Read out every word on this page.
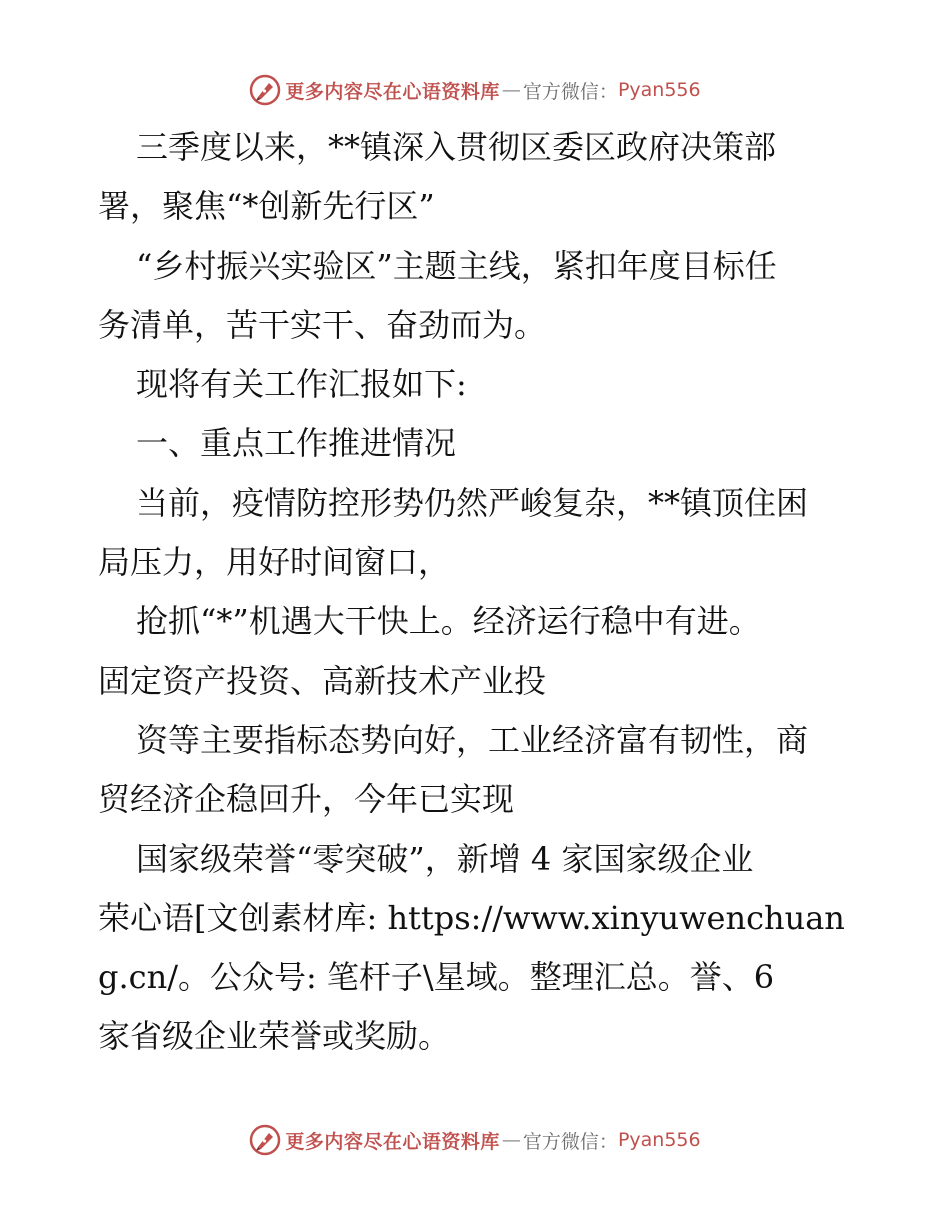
更多内容尽在心语资料库 — 官方微信： Pyan556
三季度以来，**镇深入贯彻区委区政府决策部
署，聚焦“*创新先行区”
“乡村振兴实验区”主题主线，紧扣年度目标任
务清单，苦干实干、奋劲而为。
现将有关工作汇报如下:
一、重点工作推进情况
当前，疫情防控形势仍然严峻复杂，**镇顶住困
局压力，用好时间窗口，
抢抓“*”机遇大干快上。经济运行稳中有进。
固定资产投资、高新技术产业投
资等主要指标态势向好，工业经济富有韧性，商
贸经济企稳回升，今年已实现
国家级荣誉“零突破”，新增 4 家国家级企业
荣心语[文创素材库: https://www.xinyuwenchuan
g.cn/。公众号: 笔杆子\星域。整理汇总。誉、6
家省级企业荣誉或奖励。
更多内容尽在心语资料库 — 官方微信： Pyan556
